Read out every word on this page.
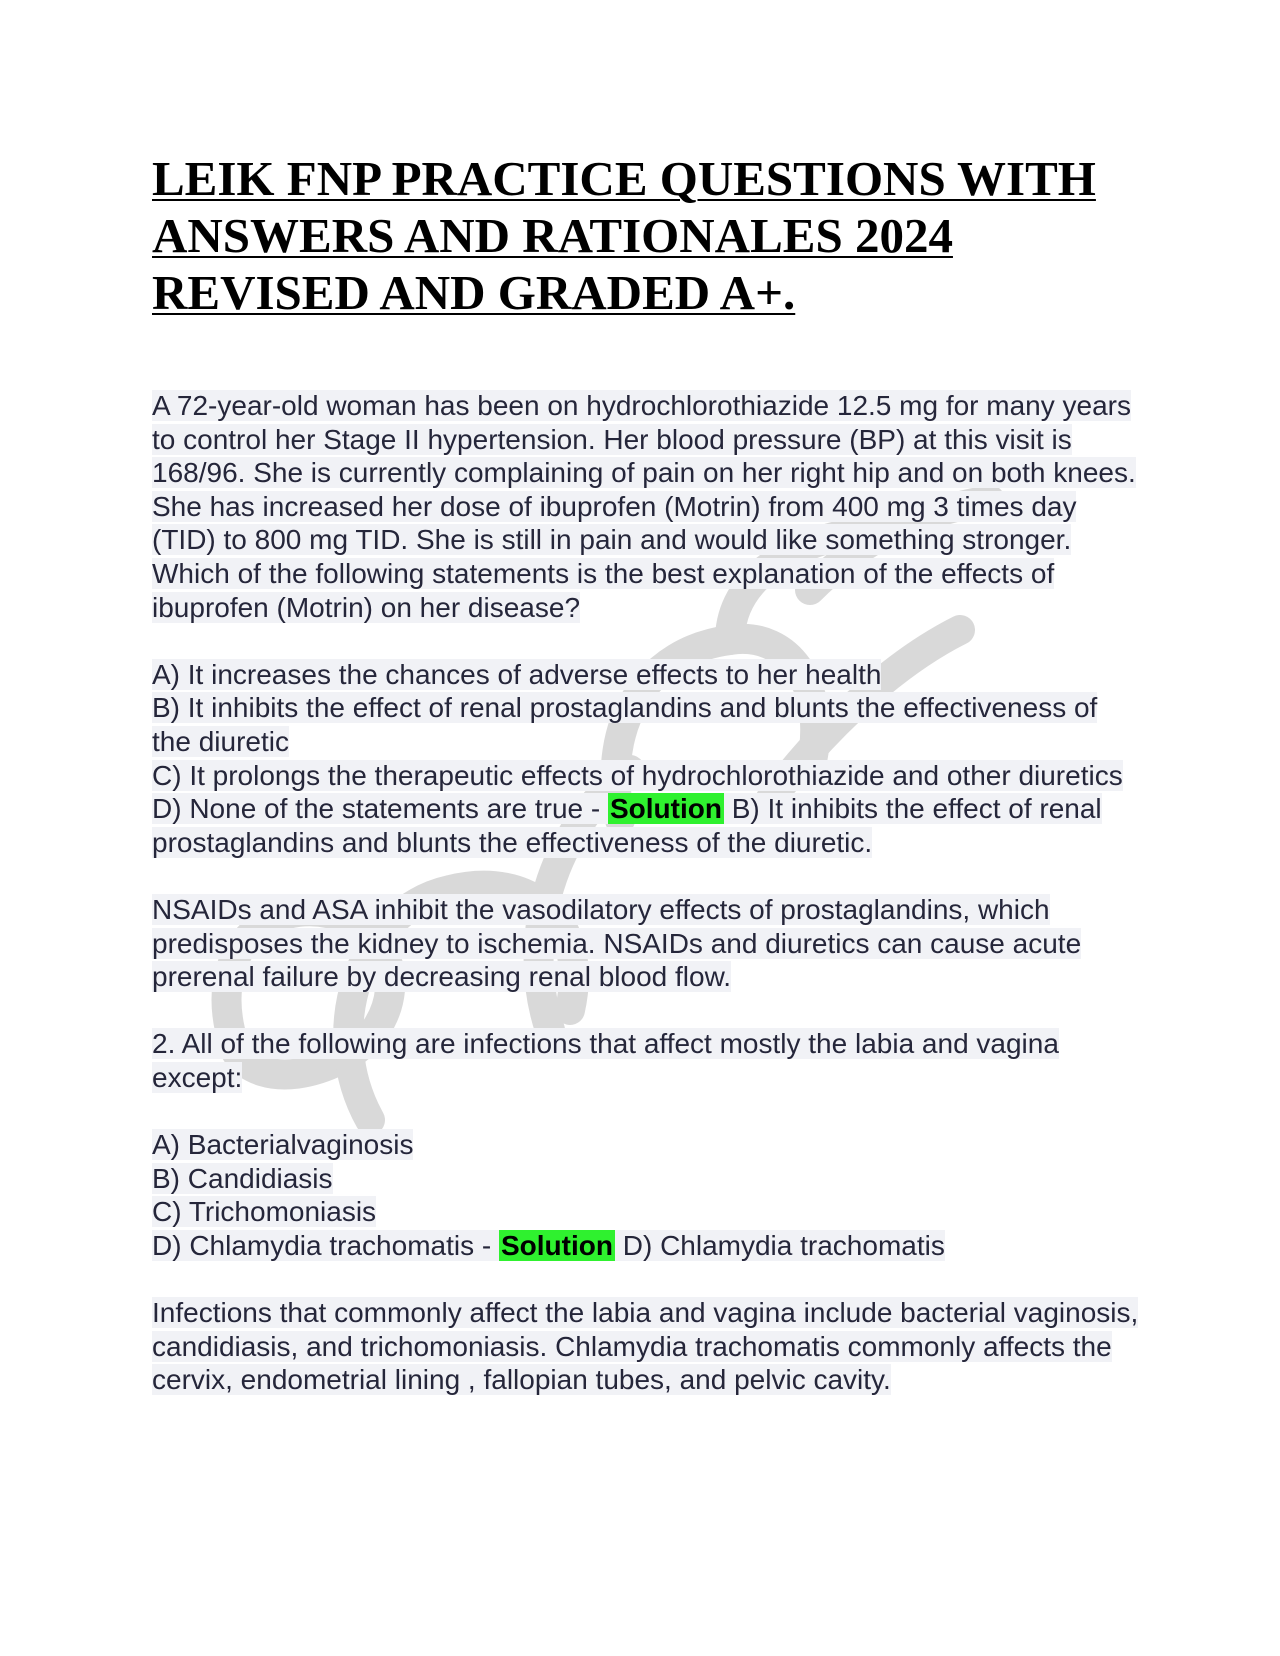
LEIK FNP PRACTICE QUESTIONS WITH ANSWERS AND RATIONALES 2024 REVISED AND GRADED A+.

A 72-year-old woman has been on hydrochlorothiazide 12.5 mg for many years to control her Stage II hypertension. Her blood pressure (BP) at this visit is 168/96. She is currently complaining of pain on her right hip and on both knees. She has increased her dose of ibuprofen (Motrin) from 400 mg 3 times day (TID) to 800 mg TID. She is still in pain and would like something stronger. Which of the following statements is the best explanation of the effects of ibuprofen (Motrin) on her disease?

A) It increases the chances of adverse effects to her health
B) It inhibits the effect of renal prostaglandins and blunts the effectiveness of the diuretic
C) It prolongs the therapeutic effects of hydrochlorothiazide and other diuretics
D) None of the statements are true - Solution B) It inhibits the effect of renal prostaglandins and blunts the effectiveness of the diuretic.

NSAIDs and ASA inhibit the vasodilatory effects of prostaglandins, which predisposes the kidney to ischemia. NSAIDs and diuretics can cause acute prerenal failure by decreasing renal blood flow.

2. All of the following are infections that affect mostly the labia and vagina except:

A) Bacterialvaginosis
B) Candidiasis
C) Trichomoniasis
D) Chlamydia trachomatis - Solution D) Chlamydia trachomatis

Infections that commonly affect the labia and vagina include bacterial vaginosis, candidiasis, and trichomoniasis. Chlamydia trachomatis commonly affects the cervix, endometrial lining , fallopian tubes, and pelvic cavity.
